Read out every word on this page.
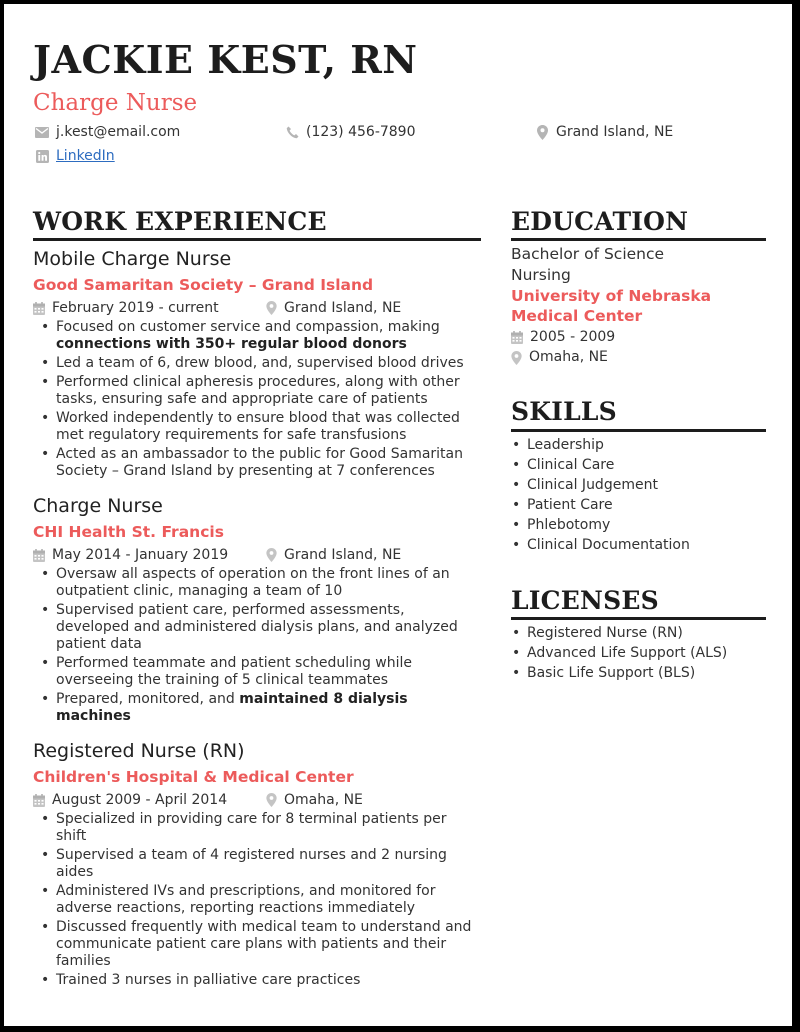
JACKIE KEST, RN
Charge Nurse
j.kest@email.com	(123) 456-7890	Grand Island, NE
LinkedIn
WORK EXPERIENCE
Mobile Charge Nurse
Good Samaritan Society – Grand Island
February 2019 - current	Grand Island, NE
• Focused on customer service and compassion, making connections with 350+ regular blood donors
• Led a team of 6, drew blood, and, supervised blood drives
• Performed clinical apheresis procedures, along with other tasks, ensuring safe and appropriate care of patients
• Worked independently to ensure blood that was collected met regulatory requirements for safe transfusions
• Acted as an ambassador to the public for Good Samaritan Society – Grand Island by presenting at 7 conferences
Charge Nurse
CHI Health St. Francis
May 2014 - January 2019	Grand Island, NE
• Oversaw all aspects of operation on the front lines of an outpatient clinic, managing a team of 10
• Supervised patient care, performed assessments, developed and administered dialysis plans, and analyzed patient data
• Performed teammate and patient scheduling while overseeing the training of 5 clinical teammates
• Prepared, monitored, and maintained 8 dialysis machines
Registered Nurse (RN)
Children's Hospital & Medical Center
August 2009 - April 2014	Omaha, NE
• Specialized in providing care for 8 terminal patients per shift
• Supervised a team of 4 registered nurses and 2 nursing aides
• Administered IVs and prescriptions, and monitored for adverse reactions, reporting reactions immediately
• Discussed frequently with medical team to understand and communicate patient care plans with patients and their families
• Trained 3 nurses in palliative care practices
EDUCATION
Bachelor of Science
Nursing
University of Nebraska Medical Center
2005 - 2009
Omaha, NE
SKILLS
• Leadership
• Clinical Care
• Clinical Judgement
• Patient Care
• Phlebotomy
• Clinical Documentation
LICENSES
• Registered Nurse (RN)
• Advanced Life Support (ALS)
• Basic Life Support (BLS)
